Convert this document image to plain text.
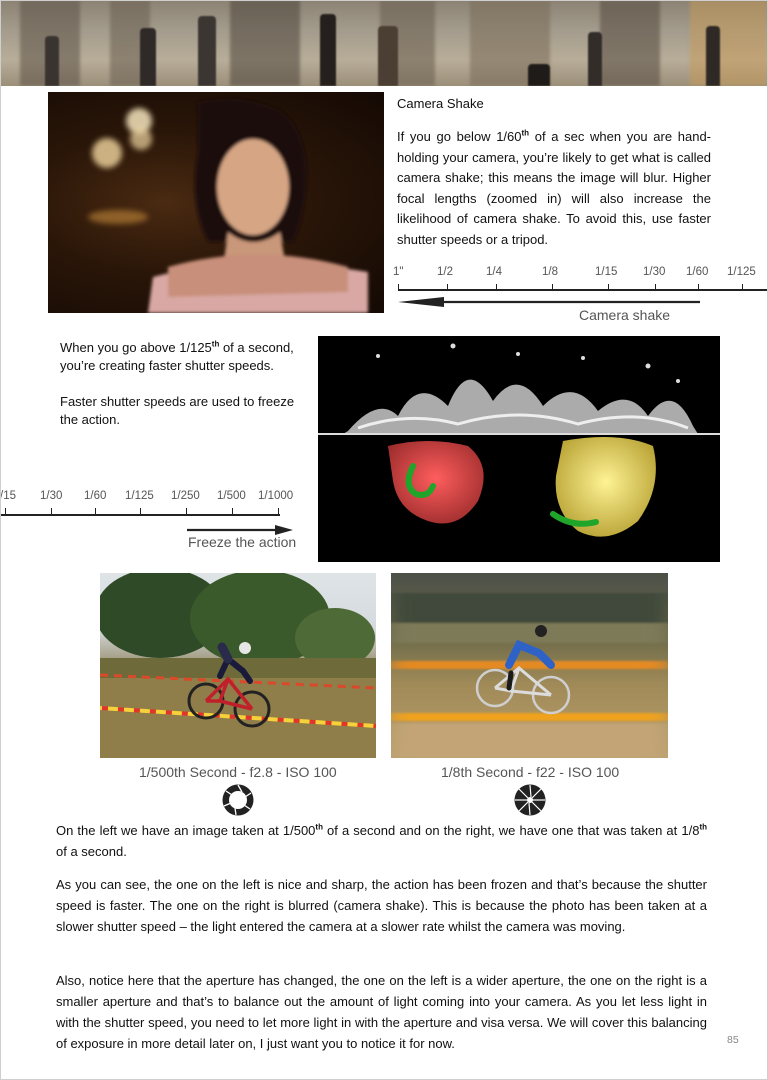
Camera Shake
If you go below 1/60th of a sec when you are hand-holding your camera, you’re likely to get what is called camera shake; this means the image will blur. Higher focal lengths (zoomed in) will also increase the likelihood of camera shake. To avoid this, use faster shutter speeds or a tripod.
1"	1/2	1/4	1/8	1/15 1/30 1/60 1/125
Camera shake

When you go above 1/125th of a second, you’re creating faster shutter speeds.

Faster shutter speeds are used to freeze the action.

/15 1/30 1/60 1/125 1/250 1/500 1/1000
Freeze the action
1/500th Second - f2.8 - ISO 100	1/8th Second - f22 - ISO 100
On the left we have an image taken at 1/500th of a second and on the right, we have one that was taken at 1/8th of a second.
As you can see, the one on the left is nice and sharp, the action has been frozen and that’s because the shutter speed is faster. The one on the right is blurred (camera shake). This is because the photo has been taken at a slower shutter speed – the light entered the camera at a slower rate whilst the camera was moving.
Also, notice here that the aperture has changed, the one on the left is a wider aperture, the one on the right is a smaller aperture and that’s to balance out the amount of light coming into your camera. As you let less light in with the shutter speed, you need to let more light in with the aperture and visa versa. We will cover this balancing of exposure in more detail later on, I just want you to notice it for now.	85
